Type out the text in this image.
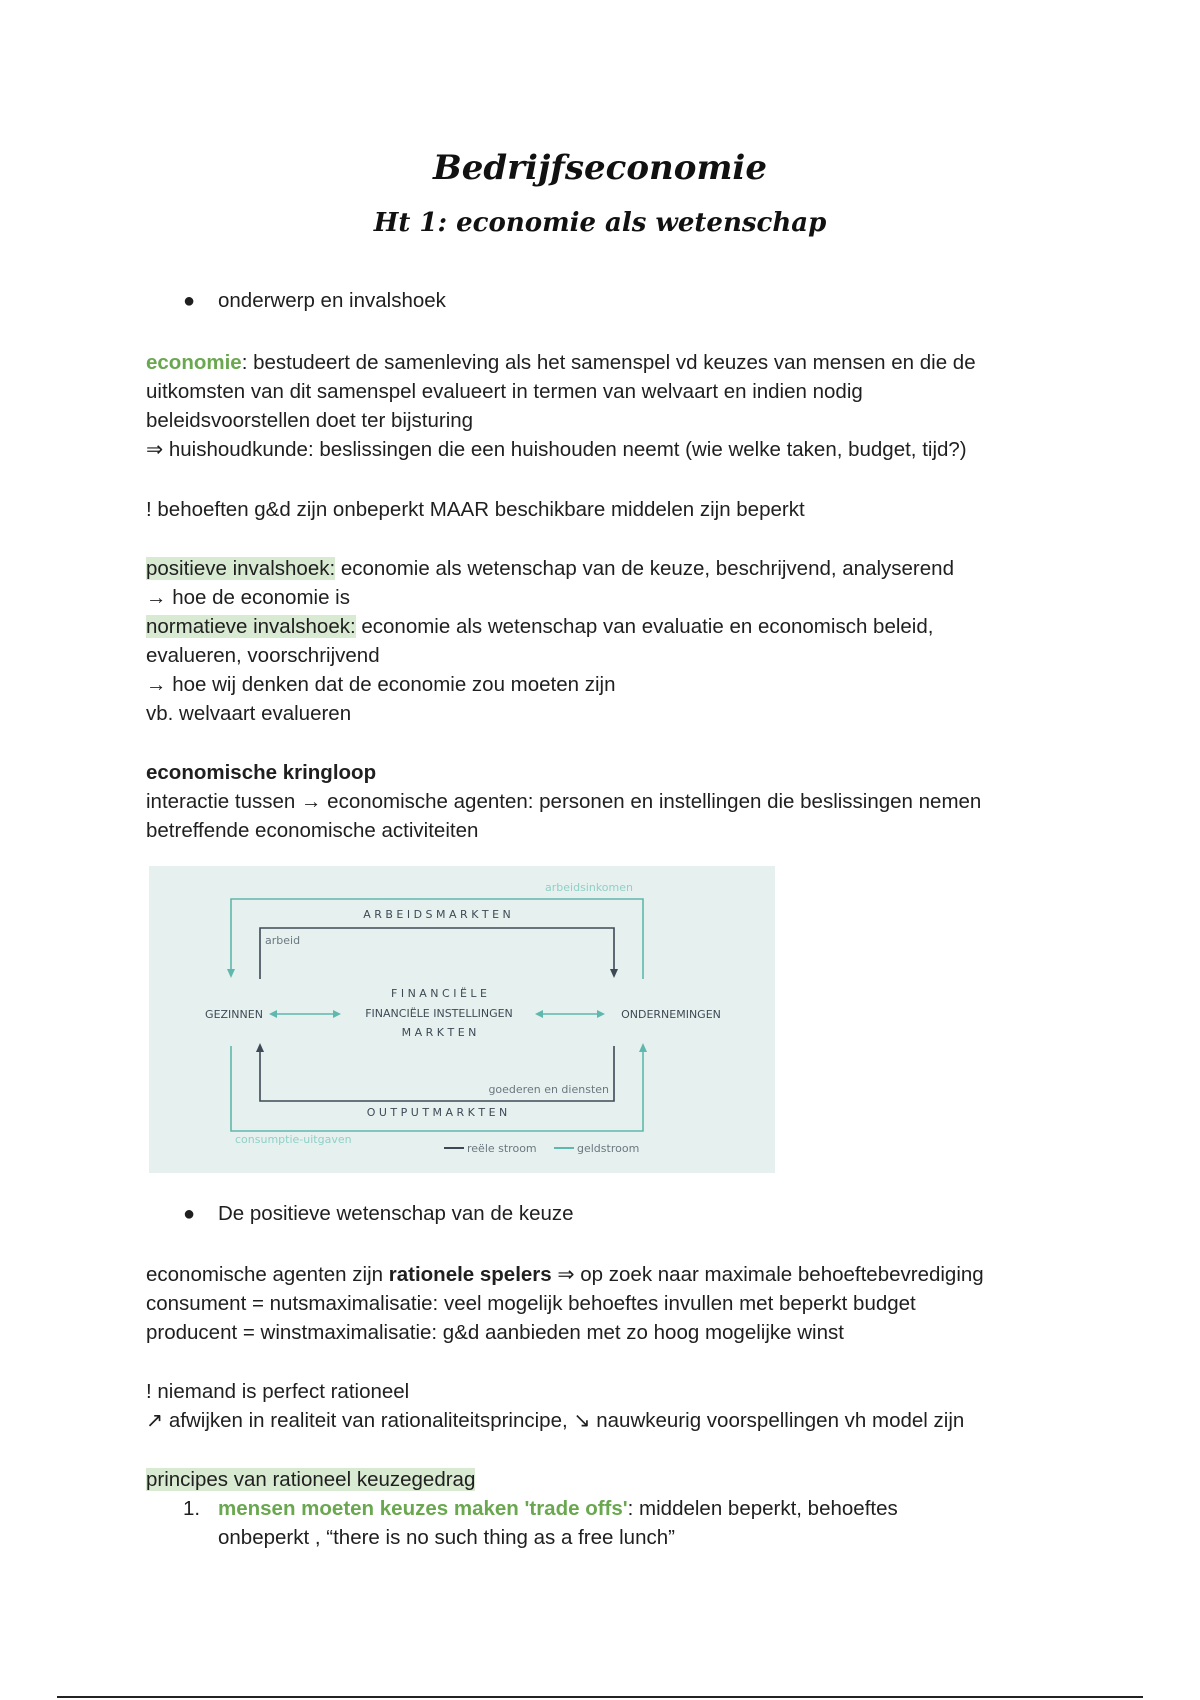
Bedrijfseconomie
Ht 1: economie als wetenschap
● onderwerp en invalshoek
economie: bestudeert de samenleving als het samenspel vd keuzes van mensen en die de
uitkomsten van dit samenspel evalueert in termen van welvaart en indien nodig
beleidsvoorstellen doet ter bijsturing
⇒ huishoudkunde: beslissingen die een huishouden neemt (wie welke taken, budget, tijd?)
! behoeften g&d zijn onbeperkt MAAR beschikbare middelen zijn beperkt
positieve invalshoek: economie als wetenschap van de keuze, beschrijvend, analyserend
→ hoe de economie is
normatieve invalshoek: economie als wetenschap van evaluatie en economisch beleid,
evalueren, voorschrijvend
→ hoe wij denken dat de economie zou moeten zijn
vb. welvaart evalueren
economische kringloop
interactie tussen → economische agenten: personen en instellingen die beslissingen nemen
betreffende economische activiteiten
arbeidsinkomen
A R B E I D S M A R K T E N
arbeid
F I N A N C I Ë L E
FINANCIËLE INSTELLINGEN
M A R K T E N
GEZINNEN	ONDERNEMINGEN
goederen en diensten
O U T P U T M A R K T E N
consumptie-uitgaven
reële stroom	geldstroom
● De positieve wetenschap van de keuze
economische agenten zijn rationele spelers ⇒ op zoek naar maximale behoeftebevrediging
consument = nutsmaximalisatie: veel mogelijk behoeftes invullen met beperkt budget
producent = winstmaximalisatie: g&d aanbieden met zo hoog mogelijke winst
! niemand is perfect rationeel
↗ afwijken in realiteit van rationaliteitsprincipe, ↘ nauwkeurig voorspellingen vh model zijn
principes van rationeel keuzegedrag
1. mensen moeten keuzes maken 'trade offs': middelen beperkt, behoeftes
onbeperkt , “there is no such thing as a free lunch”
